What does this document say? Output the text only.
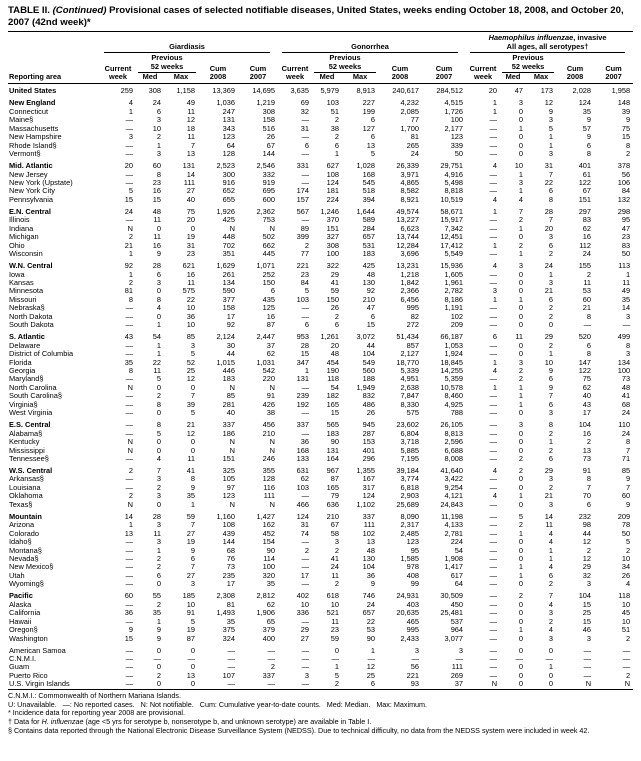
TABLE II. (Continued) Provisional cases of selected notifiable diseases, United States, weeks ending October 18, 2008, and October 20, 2007 (42nd week)*
Reporting area	Giardiasis					Gonorrhea					Haemophilus influenzae, invasive
All ages, all serotypes†				

	Current
week	Previous
52 weeks		Cum
2008	Cum
2007	Current
week	Previous
52 weeks		Cum
2008	Cum
2007	Current
week	Previous
52 weeks		Cum
2008	Cum
2007
		Med	Max				Med	Max				Med	Max		
United States	259	308	1,158	13,369	14,695	3,635	5,979	8,913	240,617	284,512	20	47	173	2,028	1,958
New England	4	24	49	1,036	1,219	69	103	227	4,232	4,515	1	3	12	124	148
Connecticut	1	6	11	247	308	32	51	199	2,085	1,726	1	0	9	35	39
Maine§	—	3	12	131	158	—	2	6	77	100	—	0	3	9	9
Massachusetts	—	10	18	343	516	31	38	127	1,700	2,177	—	1	5	57	75
New Hampshire	3	2	11	123	26	—	2	6	81	123	—	0	1	9	15
Rhode Island§	—	1	7	64	67	6	6	13	265	339	—	0	1	6	8
Vermont§	—	3	13	128	144	—	1	5	24	50	—	0	3	8	2
Mid. Atlantic	20	60	131	2,523	2,546	331	627	1,028	26,339	29,751	4	10	31	401	378
New Jersey	—	8	14	300	332	—	108	168	3,971	4,916	—	1	7	61	56
New York (Upstate)	—	23	111	916	919	—	124	545	4,865	5,498	—	3	22	122	106
New York City	5	16	27	652	695	174	181	518	8,582	8,818	—	1	6	67	84
Pennsylvania	15	15	40	655	600	157	224	394	8,921	10,519	4	4	8	151	132
E.N. Central	24	48	75	1,926	2,362	567	1,246	1,644	49,574	58,671	1	7	28	297	298
Illinois	—	11	20	425	753	—	370	589	13,227	15,917	—	2	7	83	95
Indiana	N	0	0	N	N	89	151	284	6,623	7,342	—	1	20	62	47
Michigan	2	11	19	448	502	399	327	657	13,744	12,451	—	0	3	16	23
Ohio	21	16	31	702	662	2	308	531	12,284	17,412	1	2	6	112	83
Wisconsin	1	9	23	351	445	77	100	183	3,696	5,549	—	1	2	24	50
W.N. Central	92	28	621	1,629	1,071	221	322	425	13,231	15,936	4	3	24	155	113
Iowa	1	6	16	261	252	23	29	48	1,218	1,605	—	0	1	2	1
Kansas	2	3	11	134	150	84	41	130	1,842	1,961	—	0	3	11	11
Minnesota	81	0	575	590	6	5	59	92	2,366	2,782	3	0	21	53	49
Missouri	8	8	22	377	435	103	150	210	6,456	8,186	1	1	6	60	35
Nebraska§	—	4	10	158	125	—	26	47	995	1,191	—	0	2	21	14
North Dakota	—	0	36	17	16	—	2	6	82	102	—	0	2	8	3
South Dakota	—	1	10	92	87	6	6	15	272	209	—	0	0	—	—
S. Atlantic	43	54	85	2,124	2,447	953	1,261	3,072	51,434	66,187	6	11	29	520	499
Delaware	—	1	3	30	37	28	20	44	857	1,053	—	0	2	6	8
District of Columbia	—	1	5	44	62	15	48	104	2,127	1,924	—	0	1	8	3
Florida	35	22	52	1,015	1,031	347	454	549	18,770	18,845	1	3	10	147	134
Georgia	8	11	25	446	542	1	190	560	5,339	14,255	4	2	9	122	100
Maryland§	—	5	12	183	220	131	118	188	4,951	5,359	—	2	6	75	73
North Carolina	N	0	0	N	N	—	54	1,949	2,638	10,578	1	1	9	62	48
South Carolina§	—	2	7	85	91	239	182	832	7,847	8,460	—	1	7	40	41
Virginia§	—	8	39	281	426	192	165	486	8,330	4,925	—	1	6	43	68
West Virginia	—	0	5	40	38	—	15	26	575	788	—	0	3	17	24
E.S. Central	—	8	21	337	456	337	565	945	23,602	26,105	—	3	8	104	110
Alabama§	—	5	12	186	210	—	183	287	6,804	8,813	—	0	2	16	24
Kentucky	N	0	0	N	N	36	90	153	3,718	2,596	—	0	1	2	8
Mississippi	N	0	0	N	N	168	131	401	5,885	6,688	—	0	2	13	7
Tennessee§	—	4	11	151	246	133	164	296	7,195	8,008	—	2	6	73	71
W.S. Central	2	7	41	325	355	631	967	1,355	39,184	41,640	4	2	29	91	85
Arkansas§	—	3	8	105	128	62	87	167	3,774	3,422	—	0	3	8	9
Louisiana	—	2	9	97	116	103	165	317	6,818	9,254	—	0	2	7	7
Oklahoma	2	3	35	123	111	—	79	124	2,903	4,121	4	1	21	70	60
Texas§	N	0	1	N	N	466	636	1,102	25,689	24,843	—	0	3	6	9
Mountain	14	28	59	1,160	1,427	124	210	337	8,090	11,198	—	5	14	232	209
Arizona	1	3	7	108	162	31	67	111	2,317	4,133	—	2	11	98	78
Colorado	13	11	27	439	452	74	58	102	2,485	2,781	—	1	4	44	50
Idaho§	—	3	19	144	154	—	3	13	123	224	—	0	4	12	5
Montana§	—	1	9	68	90	2	2	48	95	54	—	0	1	2	2
Nevada§	—	2	6	76	114	—	41	130	1,585	1,908	—	0	1	12	10
New Mexico§	—	2	7	73	100	—	24	104	978	1,417	—	1	4	29	34
Utah	—	6	27	235	320	17	11	36	408	617	—	1	6	32	26
Wyoming§	—	0	3	17	35	—	2	9	99	64	—	0	2	3	4
Pacific	60	55	185	2,308	2,812	402	618	746	24,931	30,509	—	2	7	104	118
Alaska	—	2	10	81	62	10	10	24	403	450	—	0	4	15	10
California	36	35	91	1,493	1,906	336	521	657	20,635	25,481	—	0	3	25	45
Hawaii	—	1	5	35	65	—	11	22	465	537	—	0	2	15	10
Oregon§	9	9	19	375	379	29	23	53	995	964	—	1	4	46	51
Washington	15	9	87	324	400	27	59	90	2,433	3,077	—	0	3	3	2
American Samoa	—	0	0	—	—	—	0	1	3	3	—	0	0	—	—
C.N.M.I.	—	—	—	—	—	—	—	—	—	—	—	—	—	—	—
Guam	—	0	0	—	2	—	1	12	56	111	—	0	1	—	—
Puerto Rico	—	2	13	107	337	3	5	25	221	269	—	0	0	—	2
U.S. Virgin Islands	—	0	0	—	—	—	2	6	93	37	N	0	0	N	N

C.N.M.I.: Commonwealth of Northern Mariana Islands.

U: Unavailable.   —: No reported cases.   N: Not notifiable.   Cum: Cumulative year-to-date counts.   Med: Median.   Max: Maximum.

* Incidence data for reporting year 2008 are provisional.

† Data for H. influenzae (age <5 yrs for serotype b, nonserotype b, and unknown serotype) are available in Table I.

§ Contains data reported through the National Electronic Disease Surveillance System (NEDSS). Due to technical difficulty, no data from the NEDSS system were included in week 42.
